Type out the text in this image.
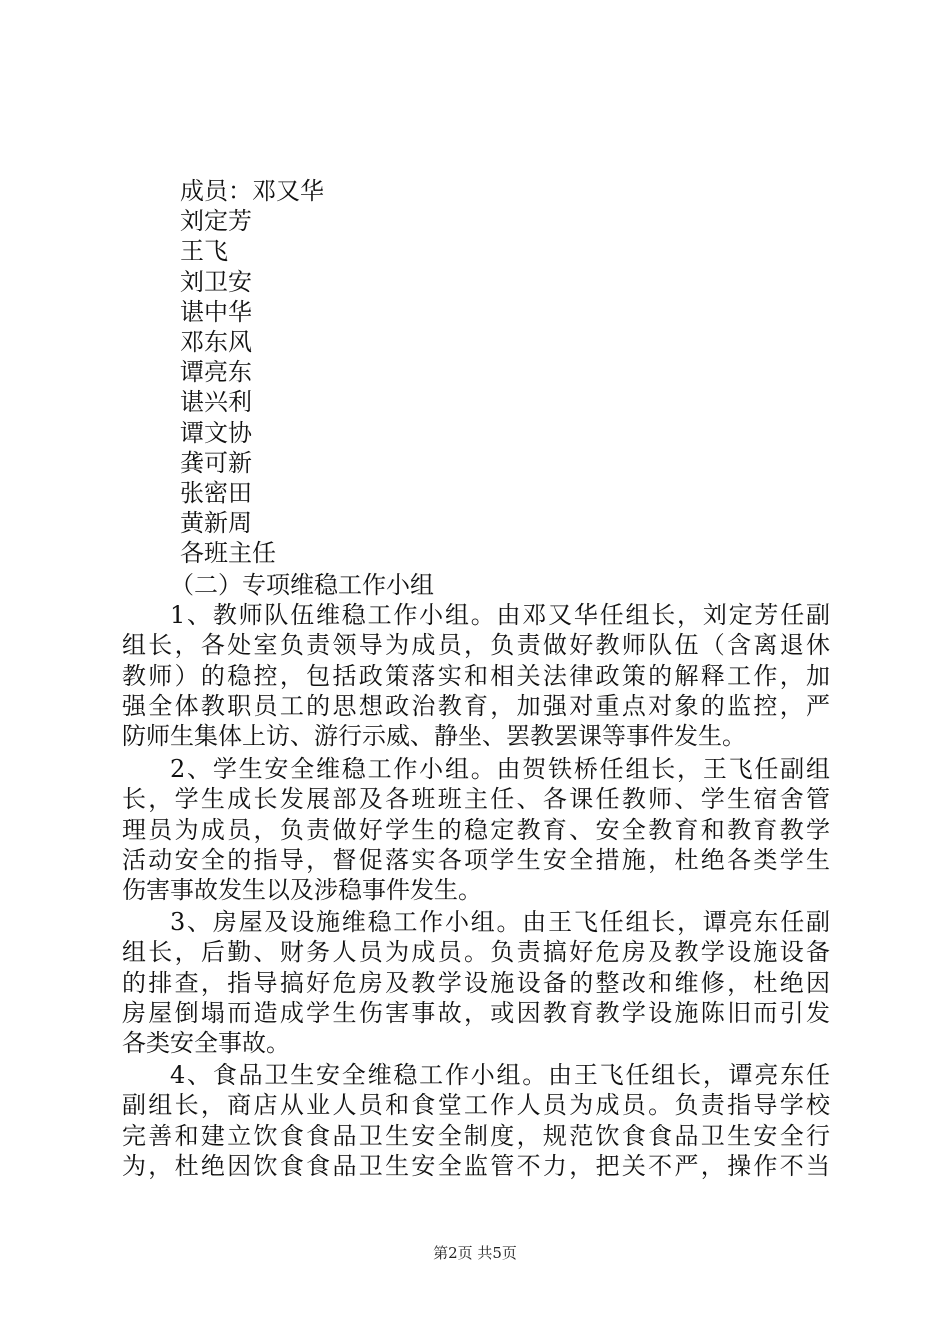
成员：邓又华
刘定芳
王飞
刘卫安
谌中华
邓东风
谭亮东
谌兴利
谭文协
龚可新
张密田
黄新周
各班主任
（二）专项维稳工作小组
1、教师队伍维稳工作小组。由邓又华任组长，刘定芳任副
组长，各处室负责领导为成员，负责做好教师队伍（含离退休
教师）的稳控，包括政策落实和相关法律政策的解释工作，加
强全体教职员工的思想政治教育，加强对重点对象的监控，严
防师生集体上访、游行示威、静坐、罢教罢课等事件发生。
2、学生安全维稳工作小组。由贺铁桥任组长，王飞任副组
长，学生成长发展部及各班班主任、各课任教师、学生宿舍管
理员为成员，负责做好学生的稳定教育、安全教育和教育教学
活动安全的指导，督促落实各项学生安全措施，杜绝各类学生
伤害事故发生以及涉稳事件发生。
3、房屋及设施维稳工作小组。由王飞任组长，谭亮东任副
组长，后勤、财务人员为成员。负责搞好危房及教学设施设备
的排查，指导搞好危房及教学设施设备的整改和维修，杜绝因
房屋倒塌而造成学生伤害事故，或因教育教学设施陈旧而引发
各类安全事故。
4、食品卫生安全维稳工作小组。由王飞任组长，谭亮东任
副组长，商店从业人员和食堂工作人员为成员。负责指导学校
完善和建立饮食食品卫生安全制度，规范饮食食品卫生安全行
为，杜绝因饮食食品卫生安全监管不力，把关不严，操作不当
第2页 共5页
